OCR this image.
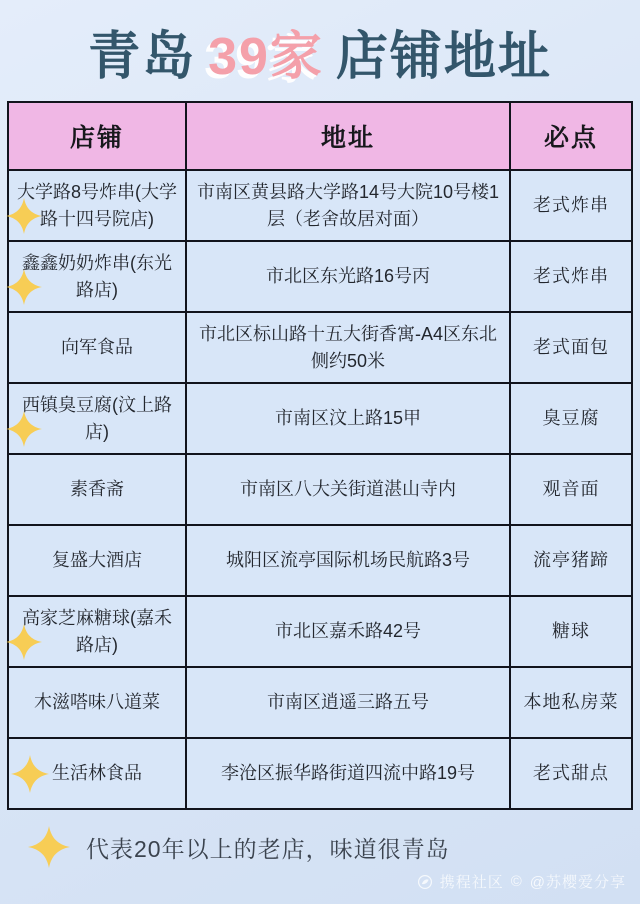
青岛 39家 店铺地址
店铺	地址	必点

大学路8号炸串(大学路十四号院店)	市南区黄县路大学路14号大院10号楼1层（老舍故居对面）	老式炸串

鑫鑫奶奶炸串(东光路店)	市北区东光路16号丙	老式炸串
向军食品	市北区标山路十五大街香寓-A4区东北侧约50米	老式面包

西镇臭豆腐(汶上路店)	市南区汶上路15甲	臭豆腐
素香斋	市南区八大关街道湛山寺内	观音面
复盛大酒店	城阳区流亭国际机场民航路3号	流亭猪蹄

高家芝麻糖球(嘉禾路店)	市北区嘉禾路42号	糖球
木滋嗒味八道菜	市南区逍遥三路五号	本地私房菜

生活林食品	李沧区振华路街道四流中路19号	老式甜点
代表20年以上的老店，味道很青岛
携程社区 © @苏樱爱分享
